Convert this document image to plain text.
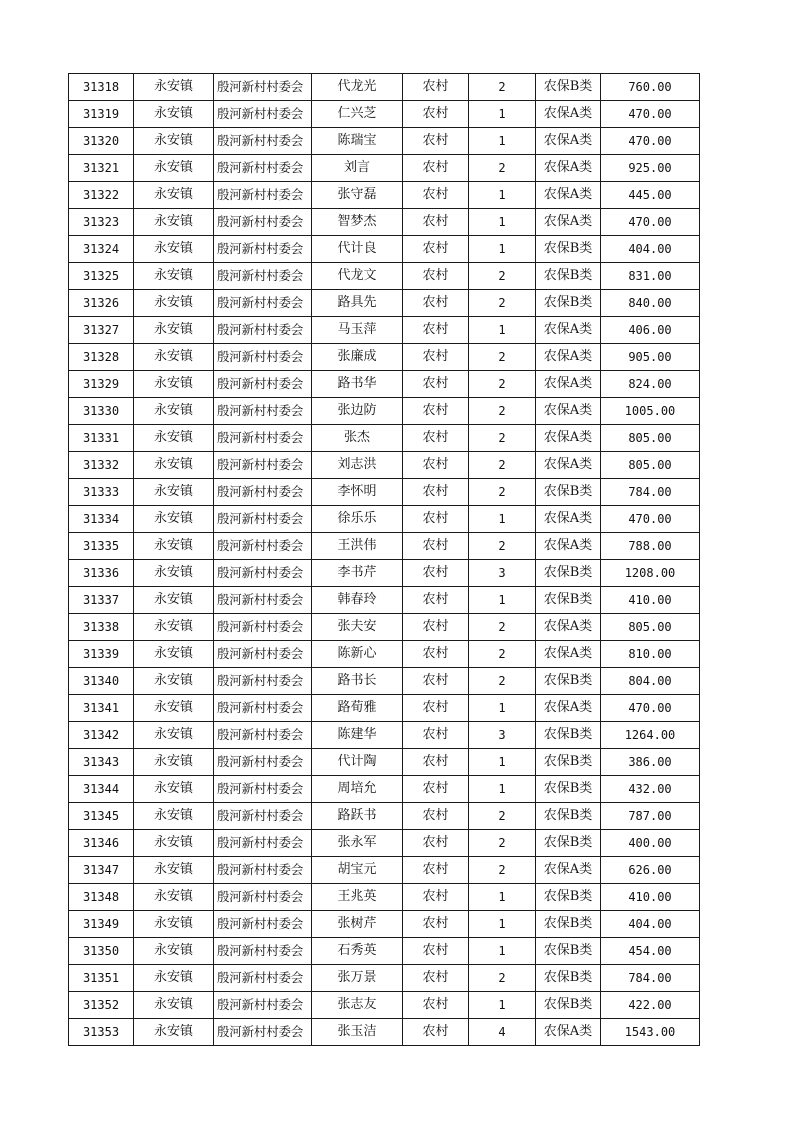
31318	永安镇	殷河新村村委会	代龙光	农村	2	农保B类	760.00
31319	永安镇	殷河新村村委会	仁兴芝	农村	1	农保A类	470.00
31320	永安镇	殷河新村村委会	陈瑞宝	农村	1	农保A类	470.00
31321	永安镇	殷河新村村委会	刘言	农村	2	农保A类	925.00
31322	永安镇	殷河新村村委会	张守磊	农村	1	农保A类	445.00
31323	永安镇	殷河新村村委会	智梦杰	农村	1	农保A类	470.00
31324	永安镇	殷河新村村委会	代计良	农村	1	农保B类	404.00
31325	永安镇	殷河新村村委会	代龙文	农村	2	农保B类	831.00
31326	永安镇	殷河新村村委会	路具先	农村	2	农保B类	840.00
31327	永安镇	殷河新村村委会	马玉萍	农村	1	农保A类	406.00
31328	永安镇	殷河新村村委会	张廉成	农村	2	农保A类	905.00
31329	永安镇	殷河新村村委会	路书华	农村	2	农保A类	824.00
31330	永安镇	殷河新村村委会	张边防	农村	2	农保A类	1005.00
31331	永安镇	殷河新村村委会	张杰	农村	2	农保A类	805.00
31332	永安镇	殷河新村村委会	刘志洪	农村	2	农保A类	805.00
31333	永安镇	殷河新村村委会	李怀明	农村	2	农保B类	784.00
31334	永安镇	殷河新村村委会	徐乐乐	农村	1	农保A类	470.00
31335	永安镇	殷河新村村委会	王洪伟	农村	2	农保A类	788.00
31336	永安镇	殷河新村村委会	李书芹	农村	3	农保B类	1208.00
31337	永安镇	殷河新村村委会	韩春玲	农村	1	农保B类	410.00
31338	永安镇	殷河新村村委会	张夫安	农村	2	农保A类	805.00
31339	永安镇	殷河新村村委会	陈新心	农村	2	农保A类	810.00
31340	永安镇	殷河新村村委会	路书长	农村	2	农保B类	804.00
31341	永安镇	殷河新村村委会	路荀雅	农村	1	农保A类	470.00
31342	永安镇	殷河新村村委会	陈建华	农村	3	农保B类	1264.00
31343	永安镇	殷河新村村委会	代计陶	农村	1	农保B类	386.00
31344	永安镇	殷河新村村委会	周培允	农村	1	农保B类	432.00
31345	永安镇	殷河新村村委会	路跃书	农村	2	农保B类	787.00
31346	永安镇	殷河新村村委会	张永军	农村	2	农保B类	400.00
31347	永安镇	殷河新村村委会	胡宝元	农村	2	农保A类	626.00
31348	永安镇	殷河新村村委会	王兆英	农村	1	农保B类	410.00
31349	永安镇	殷河新村村委会	张树芹	农村	1	农保B类	404.00
31350	永安镇	殷河新村村委会	石秀英	农村	1	农保B类	454.00
31351	永安镇	殷河新村村委会	张万景	农村	2	农保B类	784.00
31352	永安镇	殷河新村村委会	张志友	农村	1	农保B类	422.00
31353	永安镇	殷河新村村委会	张玉洁	农村	4	农保A类	1543.00
